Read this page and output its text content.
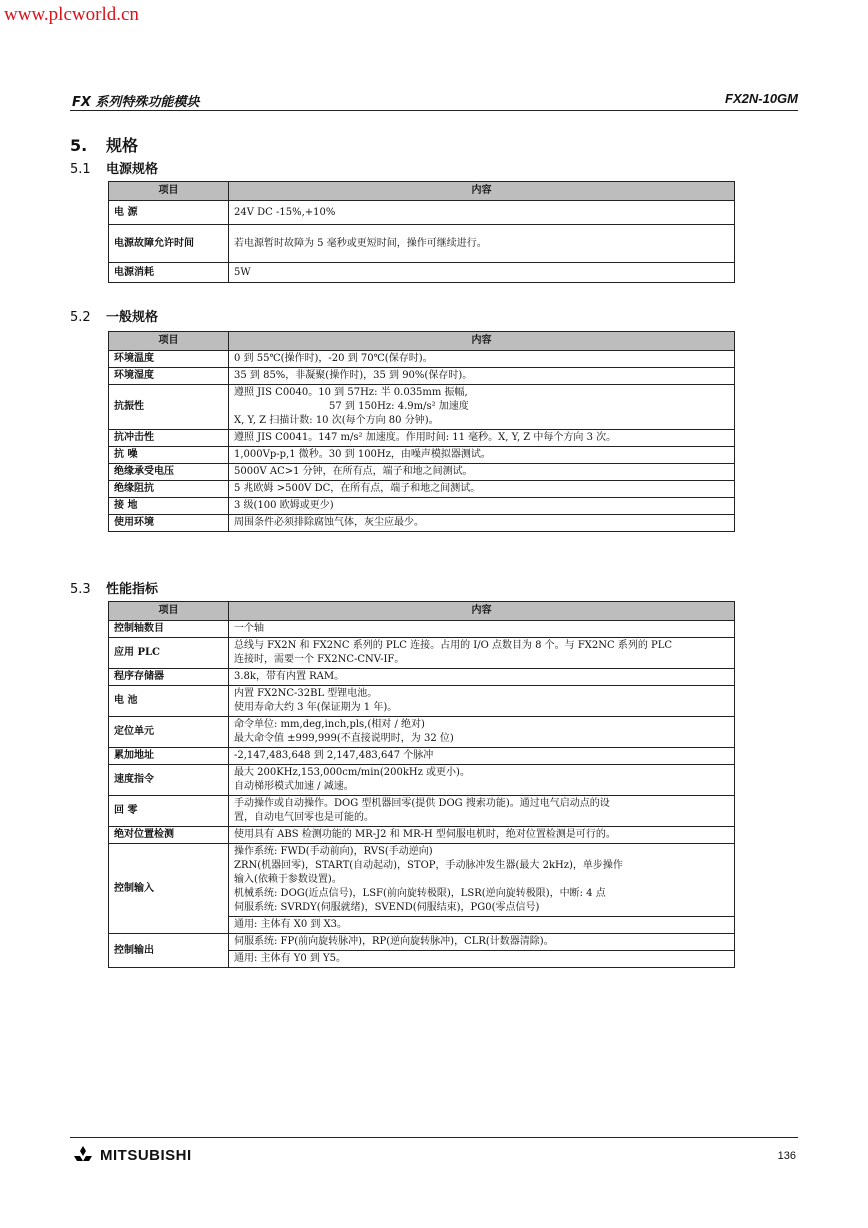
www.plcworld.cn
FX 系列特殊功能模块	FX2N-10GM
5. 规格
5.1 电源规格
项目	内容
电 源	24V DC -15%,+10%

电源故障允许时间	若电源暂时故障为 5 毫秒或更短时间，操作可继续进行。

电源消耗	5W
5.2 一般规格
项目	内容
环境温度	0 到 55℃(操作时)，-20 到 70℃(保存时)。

环境湿度	35 到 85%，非凝聚(操作时)，35 到 90%(保存时)。

抗振性	遵照 JIS C0040。10 到 57Hz: 半 0.035mm 振幅,
57 到 150Hz: 4.9m/s² 加速度
X, Y, Z 扫描计数: 10 次(每个方向 80 分钟)。

抗冲击性	遵照 JIS C0041。147 m/s² 加速度。作用时间: 11 毫秒。X, Y, Z 中每个方向 3 次。

抗 噪	1,000Vp-p,1 微秒。30 到 100Hz，由噪声模拟器测试。

绝缘承受电压	5000V AC>1 分钟，在所有点，端子和地之间测试。

绝缘阻抗	5 兆欧姆 >500V DC，在所有点，端子和地之间测试。

接 地	3 级(100 欧姆或更少)

使用环境	周围条件必须排除腐蚀气体，灰尘应最少。
5.3 性能指标
项目	内容
控制轴数目	一个轴

应用 PLC	总线与 FX2N 和 FX2NC 系列的 PLC 连接。占用的 I/O 点数目为 8 个。与 FX2NC 系列的 PLC
连接时，需要一个 FX2NC-CNV-IF。

程序存储器	3.8k，带有内置 RAM。

电 池	内置 FX2NC-32BL 型锂电池。
使用寿命大约 3 年(保证期为 1 年)。

定位单元	命令单位: mm,deg,inch,pls,(相对 / 绝对)
最大命令值 ±999,999(不直接说明时，为 32 位)

累加地址	-2,147,483,648 到 2,147,483,647 个脉冲

速度指令	最大 200KHz,153,000cm/min(200kHz 或更小)。
自动梯形模式加速 / 减速。

回 零	手动操作或自动操作。DOG 型机器回零(提供 DOG 搜索功能)。通过电气启动点的设
置，自动电气回零也是可能的。

绝对位置检测	使用具有 ABS 检测功能的 MR-J2 和 MR-H 型伺服电机时，绝对位置检测是可行的。

控制输入	操作系统: FWD(手动前向)，RVS(手动逆向)
ZRN(机器回零)，START(自动起动)，STOP，手动脉冲发生器(最大 2kHz)，单步操作
输入(依赖于参数设置)。
机械系统: DOG(近点信号)，LSF(前向旋转极限)，LSR(逆向旋转极限)，中断: 4 点
伺服系统: SVRDY(伺服就绪)，SVEND(伺服结束)，PG0(零点信号)

	通用: 主体有 X0 到 X3。
控制输出	伺服系统: FP(前向旋转脉冲)，RP(逆向旋转脉冲)，CLR(计数器清除)。
	通用: 主体有 Y0 到 Y5。
MITSUBISHI	136
